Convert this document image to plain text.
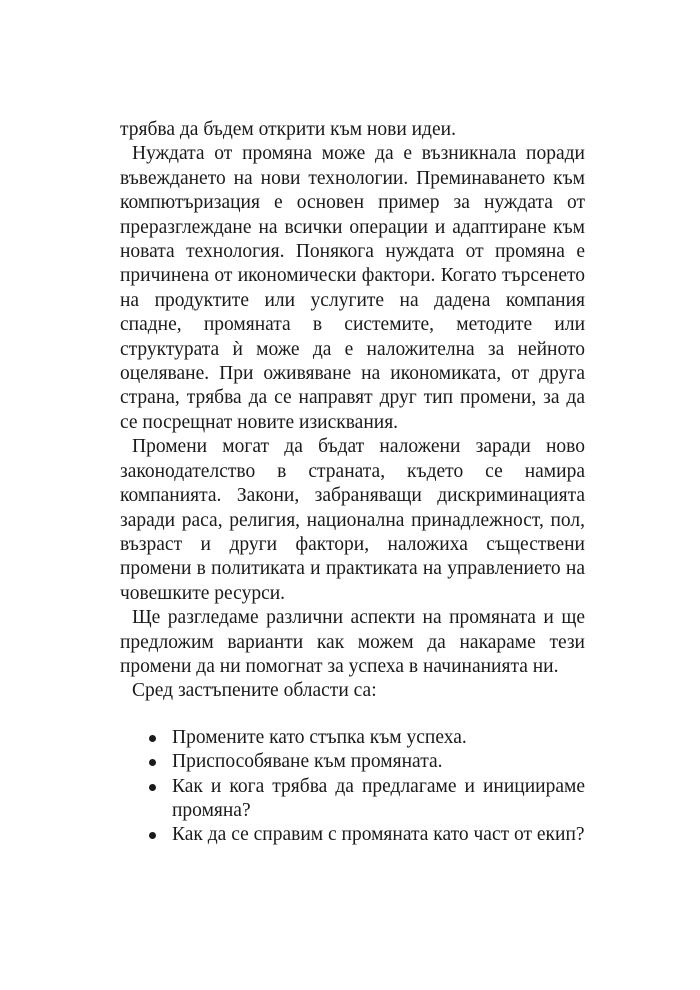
трябва да бъдем открити към нови идеи.

Нуждата от промяна може да е възникнала поради въвеждането на нови технологии. Преминаването към компютъризация е основен пример за нуждата от преразглеждане на всички операции и адаптиране към новата технология. Понякога нуждата от промяна е причинена от икономически фактори. Когато търсенето на продуктите или услугите на дадена компания спадне, промяната в системите, методите или структурата ѝ може да е наложителна за нейното оцеляване. При оживяване на икономиката, от друга страна, трябва да се направят друг тип промени, за да се посрещнат новите изисквания.

Промени могат да бъдат наложени заради ново законодателство в страната, където се намира компанията. Закони, забраняващи дискриминацията заради раса, религия, национална принадлежност, пол, възраст и други фактори, наложиха съществени промени в политиката и практиката на управлението на човешките ресурси.

Ще разгледаме различни аспекти на промяната и ще предложим варианти как можем да накараме тези промени да ни помогнат за успеха в начинанията ни.

Сред застъпените области са:

Промените като стъпка към успеха.
Приспособяване към промяната.
Как и кога трябва да предлагаме и инициираме промяна?
Как да се справим с промяната като част от екип?
